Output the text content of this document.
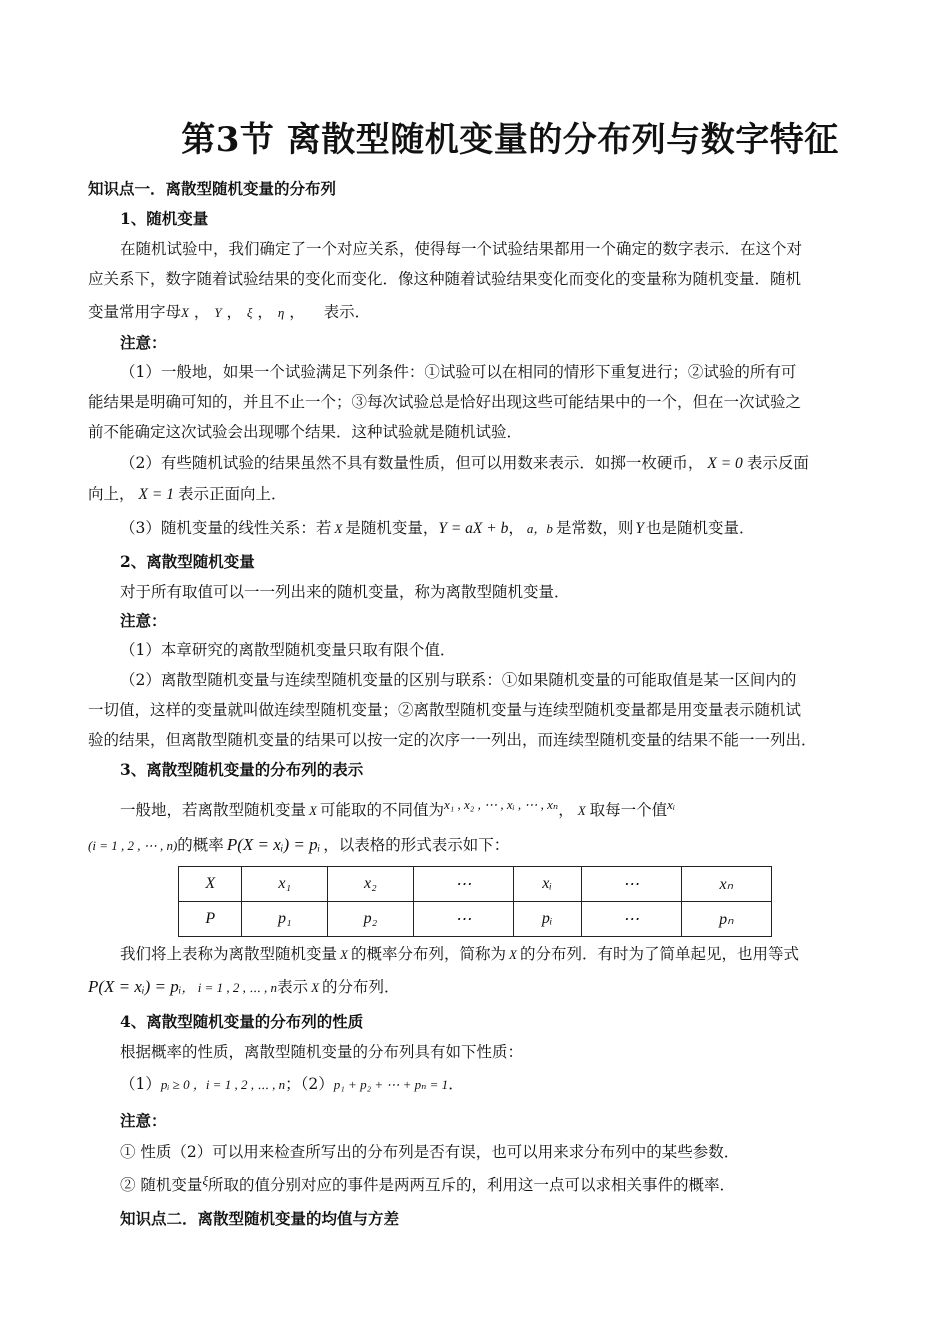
第3节 离散型随机变量的分布列与数字特征
知识点一．离散型随机变量的分布列
1、随机变量
在随机试验中，我们确定了一个对应关系，使得每一个试验结果都用一个确定的数字表示．在这个对
应关系下，数字随着试验结果的变化而变化．像这种随着试验结果变化而变化的变量称为随机变量．随机
变量常用字母X ， Y ， ξ ， η ， 表示．
注意：
（1）一般地，如果一个试验满足下列条件：①试验可以在相同的情形下重复进行；②试验的所有可
能结果是明确可知的，并且不止一个；③每次试验总是恰好出现这些可能结果中的一个，但在一次试验之
前不能确定这次试验会出现哪个结果．这种试验就是随机试验．
（2）有些随机试验的结果虽然不具有数量性质，但可以用数来表示．如掷一枚硬币， X = 0 表示反面
向上， X = 1 表示正面向上．
（3）随机变量的线性关系：若 X 是随机变量，Y = aX + b， a，b 是常数，则 Y 也是随机变量．
2、离散型随机变量
对于所有取值可以一一列出来的随机变量，称为离散型随机变量．
注意：
（1）本章研究的离散型随机变量只取有限个值．
（2）离散型随机变量与连续型随机变量的区别与联系：①如果随机变量的可能取值是某一区间内的
一切值，这样的变量就叫做连续型随机变量；②离散型随机变量与连续型随机变量都是用变量表示随机试
验的结果，但离散型随机变量的结果可以按一定的次序一一列出，而连续型随机变量的结果不能一一列出．
3、离散型随机变量的分布列的表示
一般地，若离散型随机变量 X 可能取的不同值为$^{x_1 , x_2 , \cdots , xᵢ , \cdots , x_n}$， X 取每一个值$^{xᵢ}$
(i = 1 , 2 , ⋯ , n)的概率 P(X = xᵢ) = pᵢ ，以表格的形式表示如下：
X	x₁	x₂	⋯	xᵢ	⋯	xₙ
P	p₁	p₂	⋯	pᵢ	⋯	pₙ
我们将上表称为离散型随机变量 X 的概率分布列，简称为 X 的分布列．有时为了简单起见，也用等式
P(X = xᵢ) = pᵢ， i = 1 , 2 , ⋯ , n表示 X 的分布列．
4、离散型随机变量的分布列的性质
根据概率的性质，离散型随机变量的分布列具有如下性质：
（1）pᵢ ≥ 0 ，i = 1 , 2 , ⋯ , n；（2）p₁ + p₂ + ⋯ + pₙ = 1．
注意：
① 性质（2）可以用来检查所写出的分布列是否有误，也可以用来求分布列中的某些参数．
② 随机变量$^\xi$所取的值分别对应的事件是两两互斥的，利用这一点可以求相关事件的概率．
知识点二．离散型随机变量的均值与方差
